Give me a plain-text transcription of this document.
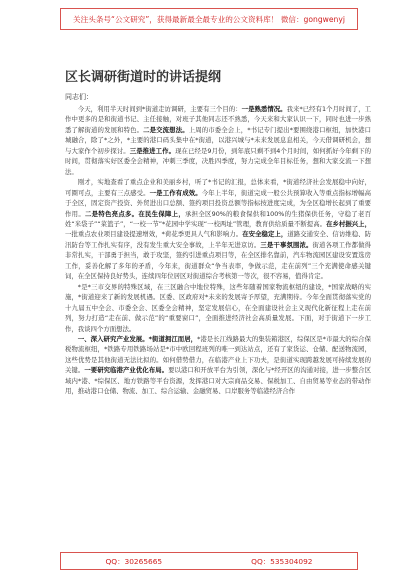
关注头条号“公文研究”，获得最新最全最专业的公文资料库！ 微信：gongwenyj
区长调研街道时的讲话提纲
同志们：

今天，利用半天时间到*街道走访调研，主要有三个目的：一是熟悉情况。我来*已经有1个月时间了，工作中更多的是和街道书记、主任接触，对班子其他同志还不熟悉，今天来和大家认识一下，同时也进一步熟悉了解街道的发展和特色。二是交流想法。上周的市委全会上，*书记专门提出*要围绕港口枢纽，加快港口城融合，除了*之外，*主要的港口码头集中在*街道，以港兴城与*未来发展息息相关，今天借调研机会，想与大家作个初步探讨。三是推进工作。现在已经是9月份，到年底只剩不到4个月时间，如何抓好今年剩下的时间，贯彻落实好区委全会精神，冲刺三季度，决胜四季度，努力完成全年目标任务，想和大家交流一下想法。

刚才，实地查看了重点企业和美丽乡村，听了*书记的汇报，总体来看，*街道经济社会发展稳中向好，可圈可点，主要有三点感受。一是工作有成效。今年上半年，街道完成一般公共预算收入等重点指标增幅高于全区，固定资产投资、外贸进出口总额、签约项目投资总额等指标按进度完成，为全区稳增长起到了重要作用。二是特色亮点多。在民生保障上，承担全区90%的粮食保供和100%的生猪保供任务，守稳了老百姓“米袋子”“菜篮子”，“一校一节”*花园中学实现“一校两址”管理，教育供给质量不断提高。在乡村振兴上，一批重点农业项目建设提速增效，*荷花季更具人气和影响力。在安全稳定上，道路交通安全、信访维稳、防汛防台等工作扎实有序，没有发生重大安全事故，上半年无进京访。三是干事氛围浓。街道各项工作都做得非常扎实，干部勇于担当，敢于攻坚，签约引进重点项目等，在全区排名靠前，汽车物流园区建设安置选房工作，妥善化解了多年的矛盾，今年来，街道群众“争当表率，争做示范，走在前列”三个充满使命感关键词，在全区保持良好势头，连续四年位居区对街道综合考核第一等次，很不容易，值得肯定。

*是*三市交界的特殊区域，在三区融合中地位特殊，这些年随着国家物流枢纽的建设，*国家战略的实施，*街道迎来了新的发展机遇。区委、区政府对*未来的发展寄予厚望，充满期待。今年全面贯彻落实党的十九届五中全会、市委全会、区委全会精神，坚定发展信心，在全面建设社会主义现代化新征程上走在前列，努力打造“走在前、做示范”的“重要窗口”，全面推进经济社会高质量发展。下面，对于街道下一步工作，我谈四个方面想法。

一、深入研究产业发展。*街道拥江而居，*港是长江线路最大的集装箱港区，综保区是*市最大的综合保税物流枢纽，*铁路专用铁路场站是*市中欧回程班列的唯一到达站点，还有了家货运、仓储、配送物流园，这些优势是其他街道无法比拟的。如何借势借力，在临港产业上下功夫，是街道实现跨越发展可持续发展的关键。一要研究临港产业优化布局。要以港口和开放平台为引领，深化与*经开区的沟通对接，进一步整合区域内*港、*综保区、地方铁路等平台资源，发挥港口对大宗商品交易、保税加工、自由贸易等业态的带动作用，推动港口仓储、物流、加工、综合运输、金融贸易、口岸服务等临港经济合作

QQ：30265665	QQ：535304092
